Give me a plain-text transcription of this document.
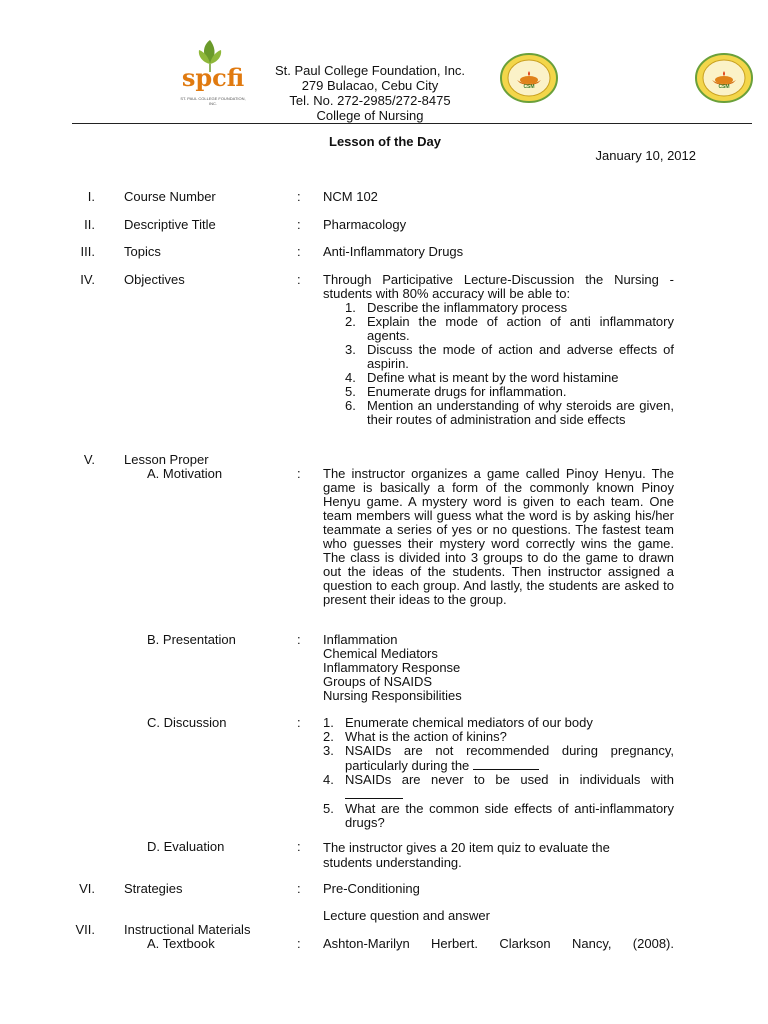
spcfi
ST. PAUL COLLEGE FOUNDATION, INC.
St. Paul College Foundation, Inc.
279 Bulacao, Cebu City
Tel. No. 272-2985/272-8475
College of Nursing
CSM	CSM
Lesson of the Day
January 10, 2012
I. Course Number	: NCM 102
II. Descriptive Title	: Pharmacology
III. Topics	: Anti-Inflammatory Drugs
IV. Objectives	: Through Participative Lecture-Discussion the Nursing -students with 80% accuracy will be able to:
1. Describe the inflammatory process
2. Explain the mode of action of anti inflammatory agents.
3. Discuss the mode of action and adverse effects of aspirin.
4. Define what is meant by the word histamine
5. Enumerate drugs for inflammation.
6. Mention an understanding of why steroids are given, their routes of administration and side effects
V. Lesson Proper
A. Motivation	: The instructor organizes a game called Pinoy Henyu. The game is basically a form of the commonly known Pinoy Henyu game. A mystery word is given to each team. One team members will guess what the word is by asking his/her teammate a series of yes or no questions. The fastest team who guesses their mystery word correctly wins the game. The class is divided into 3 groups to do the game to drawn out the ideas of the students. Then instructor assigned a question to each group. And lastly, the students are asked to present their ideas to the group.
B. Presentation	: Inflammation
Chemical Mediators
Inflammatory Response
Groups of NSAIDS
Nursing Responsibilities
C. Discussion	: 1. Enumerate chemical mediators of our body
2. What is the action of kinins?
3. NSAIDs are not recommended during pregnancy, particularly during the
4. NSAIDs are never to be used in individuals with
5. What are the common side effects of anti-inflammatory drugs?
D. Evaluation	: The instructor gives a 20 item quiz to evaluate the students understanding.
VI. Strategies	: Pre-Conditioning
Lecture question and answer
VII. Instructional Materials
A. Textbook	: Ashton-Marilyn Herbert. Clarkson Nancy, (2008).
